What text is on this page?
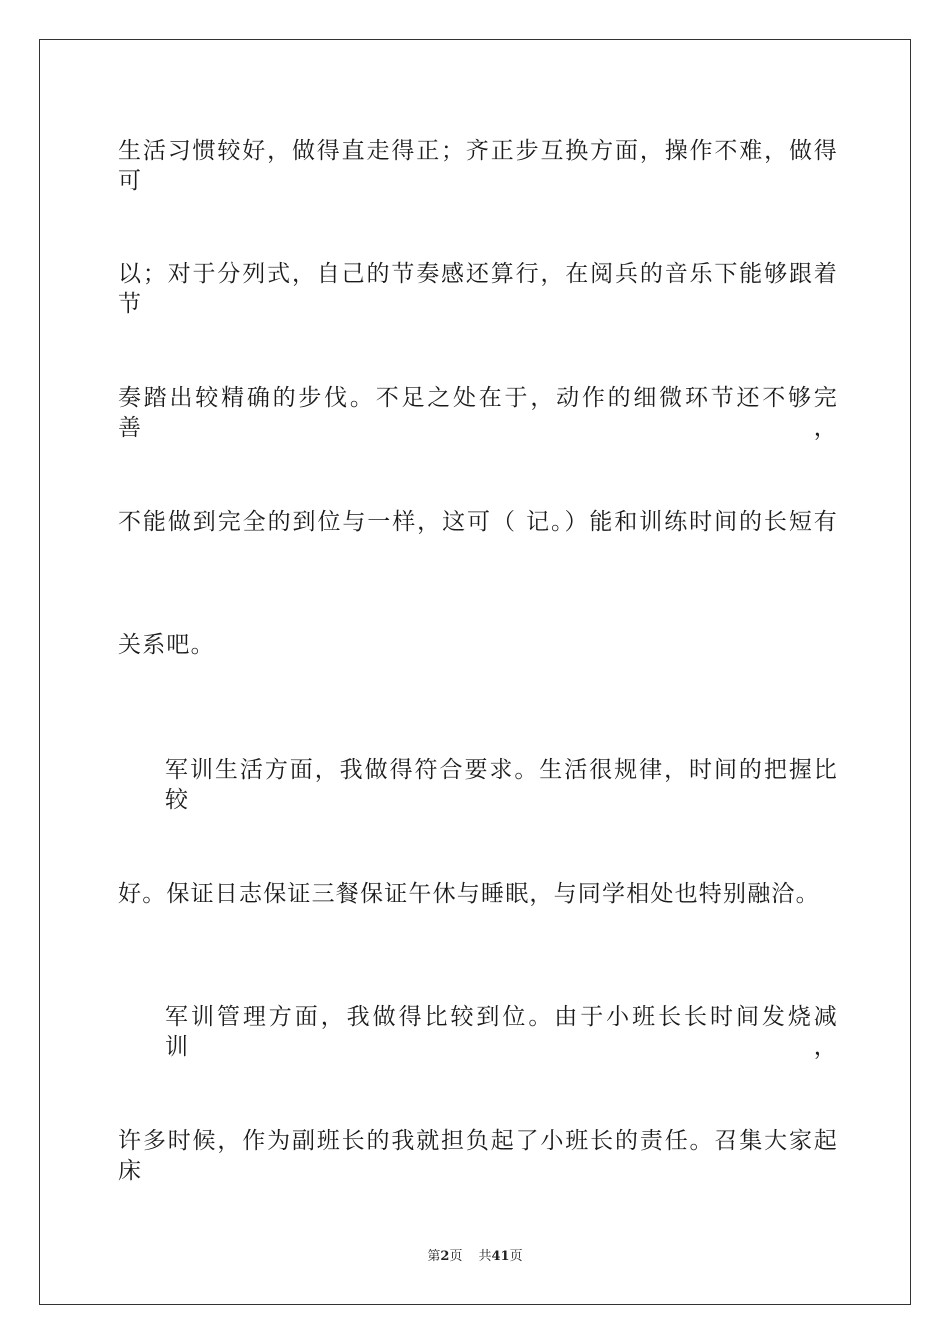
生活习惯较好，做得直走得正；齐正步互换方面，操作不难，做得可
以；对于分列式，自己的节奏感还算行，在阅兵的音乐下能够跟着节
奏踏出较精确的步伐。不足之处在于，动作的细微环节还不够完善，
不能做到完全的到位与一样，这可（ 记。）能和训练时间的长短有
关系吧。
军训生活方面，我做得符合要求。生活很规律，时间的把握比较
好。保证日志保证三餐保证午休与睡眠，与同学相处也特别融洽。
军训管理方面，我做得比较到位。由于小班长长时间发烧减训，
许多时候，作为副班长的我就担负起了小班长的责任。召集大家起床
第2页 共41页
